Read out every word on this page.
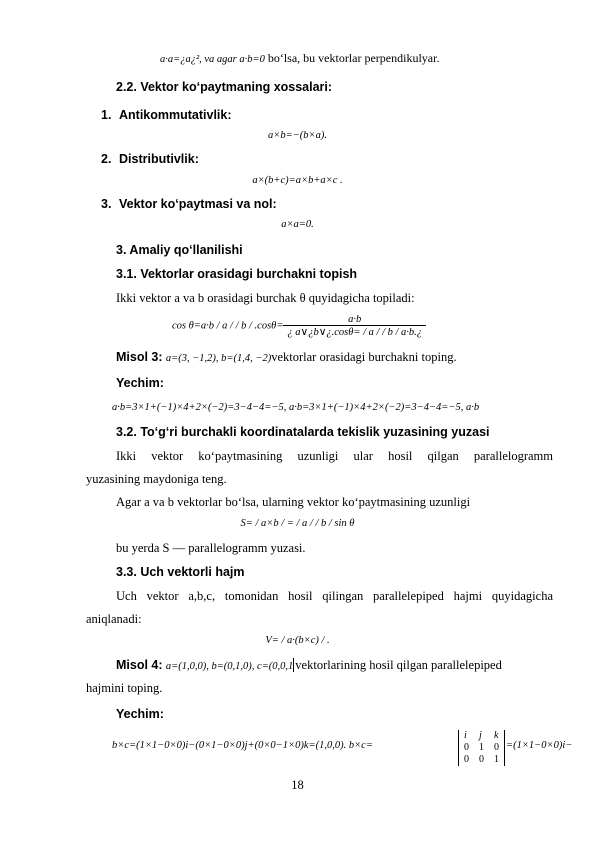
a·a=¿a¿², va agar a·b=0 bo‘lsa, bu vektorlar perpendikulyar.
2.2. Vektor ko‘paytmaning xossalari:
1. Antikommutativlik:
a×b=−(b×a).
2. Distributivlik:
a×(b+c)=a×b+a×c .
3. Vektor ko‘paytmasi va nol:
a×a=0.
3. Amaliy qo‘llanilishi
3.1. Vektorlar orasidagi burchakni topish
Ikki vektor a va b orasidagi burchak θ quyidagicha topiladi:
cos θ=a·b / a / / $b / .\cos\theta= \frac{a\cdot b}{¿ a\vee¿b\vee¿.\cos\theta= / a / / b / a\cdot b.¿}$
Misol 3: a=(3, −1,2), b=(1,4, −2)vektorlar orasidagi burchakni toping.
Yechim:
a·b=3×1+(−1)×4+2×(−2)=3−4−4=−5, a·b=3×1+(−1)×4+2×(−2)=3−4−4=−5, a·b
3.2. To‘g‘ri burchakli koordinatalarda tekislik yuzasining yuzasi
Ikki vektor ko‘paytmasining uzunligi ular hosil qilgan parallelogramm
yuzasining maydoniga teng.
Agar a va b vektorlar bo‘lsa, ularning vektor ko‘paytmasining uzunligi
S= / a×b / = / a / / b / sin θ
bu yerda S — parallelogramm yuzasi.
3.3. Uch vektorli hajm
Uch vektor a,b,c, tomonidan hosil qilingan parallelepiped hajmi quyidagicha
aniqlanadi:
V= / a·(b×c) / .
Misol 4: a=(1,0,0), b=(0,1,0), c=(0,0,1 vektorlarining hosil qilgan parallelepiped
hajmini toping.
Yechim:
b×c=(1×1−0×0)i−(0×1−0×0)j+(0×0−1×0)k=(1,0,0). b×c=
i	j	k
0	1	0
0	0	1
=(1×1−0×0)i−
18
